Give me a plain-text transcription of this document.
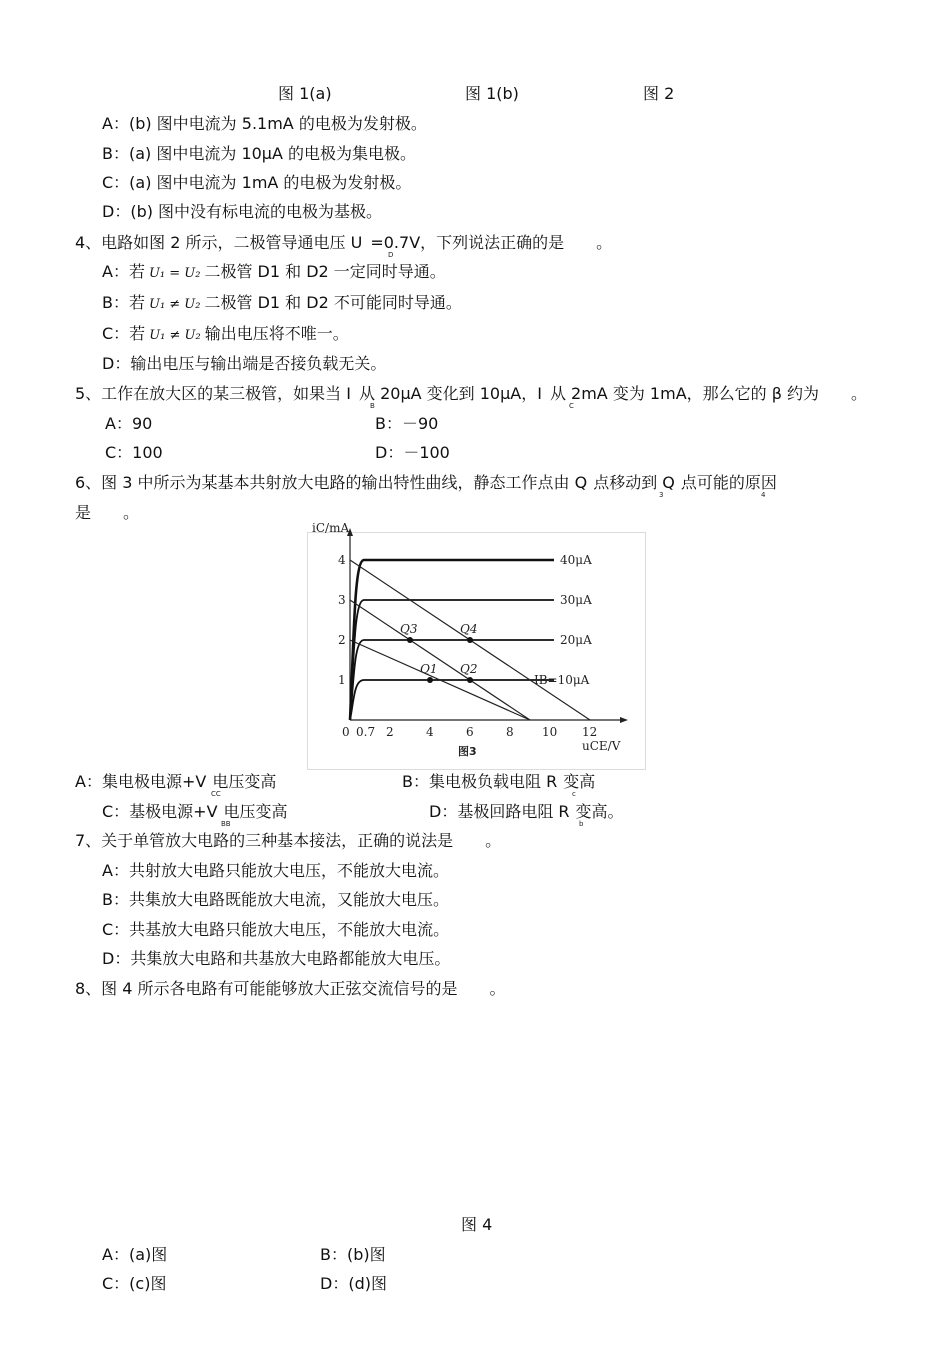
图 1(a)	图 1(b)	图 2
A：(b) 图中电流为 5.1mA 的电极为发射极。
B：(a) 图中电流为 10μA 的电极为集电极。
C：(a) 图中电流为 1mA 的电极为发射极。
D：(b) 图中没有标电流的电极为基极。
4、电路如图 2 所示，二极管导通电压 U =0.7V，下列说法正确的是　　。
D
A：若 U₁ = U₂ 二极管 D1 和 D2 一定同时导通。
B：若 U₁ ≠ U₂ 二极管 D1 和 D2 不可能同时导通。
C：若 U₁ ≠ U₂ 输出电压将不唯一。
D：输出电压与输出端是否接负载无关。
5、工作在放大区的某三极管，如果当 I 从 20μA 变化到 10μA，I 从 2mA 变为 1mA，那么它的 β 约为　　。
B	C
A：90	B：－90
C：100	D：－100
6、图 3 中所示为某基本共射放大电路的输出特性曲线，静态工作点由 Q 点移动到 Q 点可能的原因
3	4
是　　。
iC/mA
uCE/V
0 0.7 2	4	6	8 10 12
1
2
3
4	40μA
30μA
20μA
IB=10μA
Q3	Q4
Q1 Q2
图3
A：集电极电源+V 电压变高
CC
B：集电极负载电阻 R 变高
c
C：基极电源+V 电压变高
BB
D：基极回路电阻 R 变高。
b
7、关于单管放大电路的三种基本接法，正确的说法是　　。
A：共射放大电路只能放大电压，不能放大电流。
B：共集放大电路既能放大电流，又能放大电压。
C：共基放大电路只能放大电压，不能放大电流。
D：共集放大电路和共基放大电路都能放大电压。
8、图 4 所示各电路有可能能够放大正弦交流信号的是　　。
图 4
A：(a)图	B：(b)图
C：(c)图	D：(d)图
